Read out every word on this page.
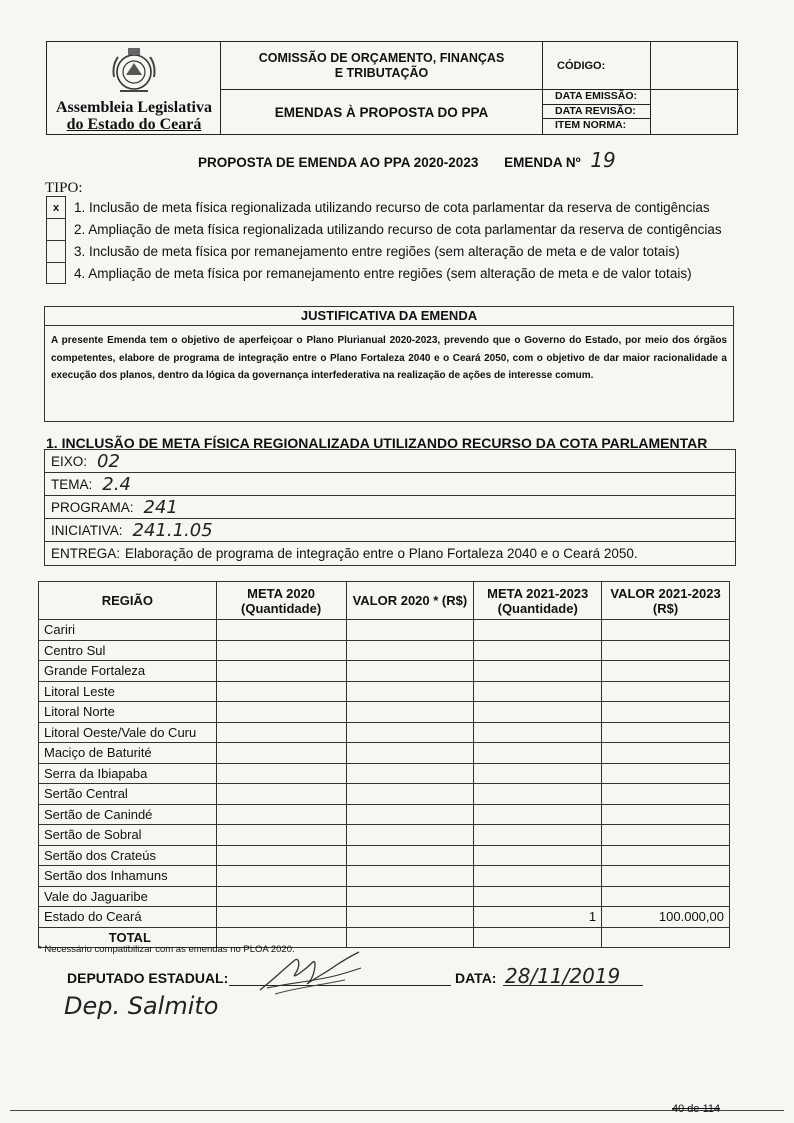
Assembleia Legislativa
do Estado do Ceará
COMISSÃO DE ORÇAMENTO, FINANÇAS
E TRIBUTAÇÃO
EMENDAS À PROPOSTA DO PPA
CÓDIGO:
DATA EMISSÃO:
DATA REVISÃO:
ITEM NORMA:
PROPOSTA DE EMENDA AO PPA 2020-2023 EMENDA Nº 19
TIPO:
x	1. Inclusão de meta física regionalizada utilizando recurso de cota parlamentar da reserva de contigências
2. Ampliação de meta física regionalizada utilizando recurso de cota parlamentar da reserva de contigências
3. Inclusão de meta física por remanejamento entre regiões (sem alteração de meta e de valor totais)
4. Ampliação de meta física por remanejamento entre regiões (sem alteração de meta e de valor totais)
JUSTIFICATIVA DA EMENDA
A presente Emenda tem o objetivo de aperfeiçoar o Plano Plurianual 2020-2023, prevendo que o Governo do Estado, por meio dos órgãos competentes, elabore de programa de integração entre o Plano Fortaleza 2040 e o Ceará 2050, com o objetivo de dar maior racionalidade a execução dos planos, dentro da lógica da governança interfederativa na realização de ações de interesse comum.
1. INCLUSÃO DE META FÍSICA REGIONALIZADA UTILIZANDO RECURSO DA COTA PARLAMENTAR
EIXO: 02
TEMA: 2.4
PROGRAMA: 241
INICIATIVA: 241.1.05
ENTREGA: Elaboração de programa de integração entre o Plano Fortaleza 2040 e o Ceará 2050.
REGIÃO	META 2020 (Quantidade)	VALOR 2020 * (R$)	META 2021-2023 (Quantidade)	VALOR 2021-2023 (R$)
Cariri				
Centro Sul				
Grande Fortaleza				
Litoral Leste				
Litoral Norte				
Litoral Oeste/Vale do Curu				
Maciço de Baturité				
Serra da Ibiapaba				
Sertão Central				
Sertão de Canindé				
Sertão de Sobral				
Sertão dos Crateús				
Sertão dos Inhamuns				
Vale do Jaguaribe				
Estado do Ceará			1	100.000,00
TOTAL				
* Necessário compatibilizar com as emendas no PLOA 2020.
DEPUTADO ESTADUAL:	DATA: 28/11/2019
Dep. Salmito
40 de 114
